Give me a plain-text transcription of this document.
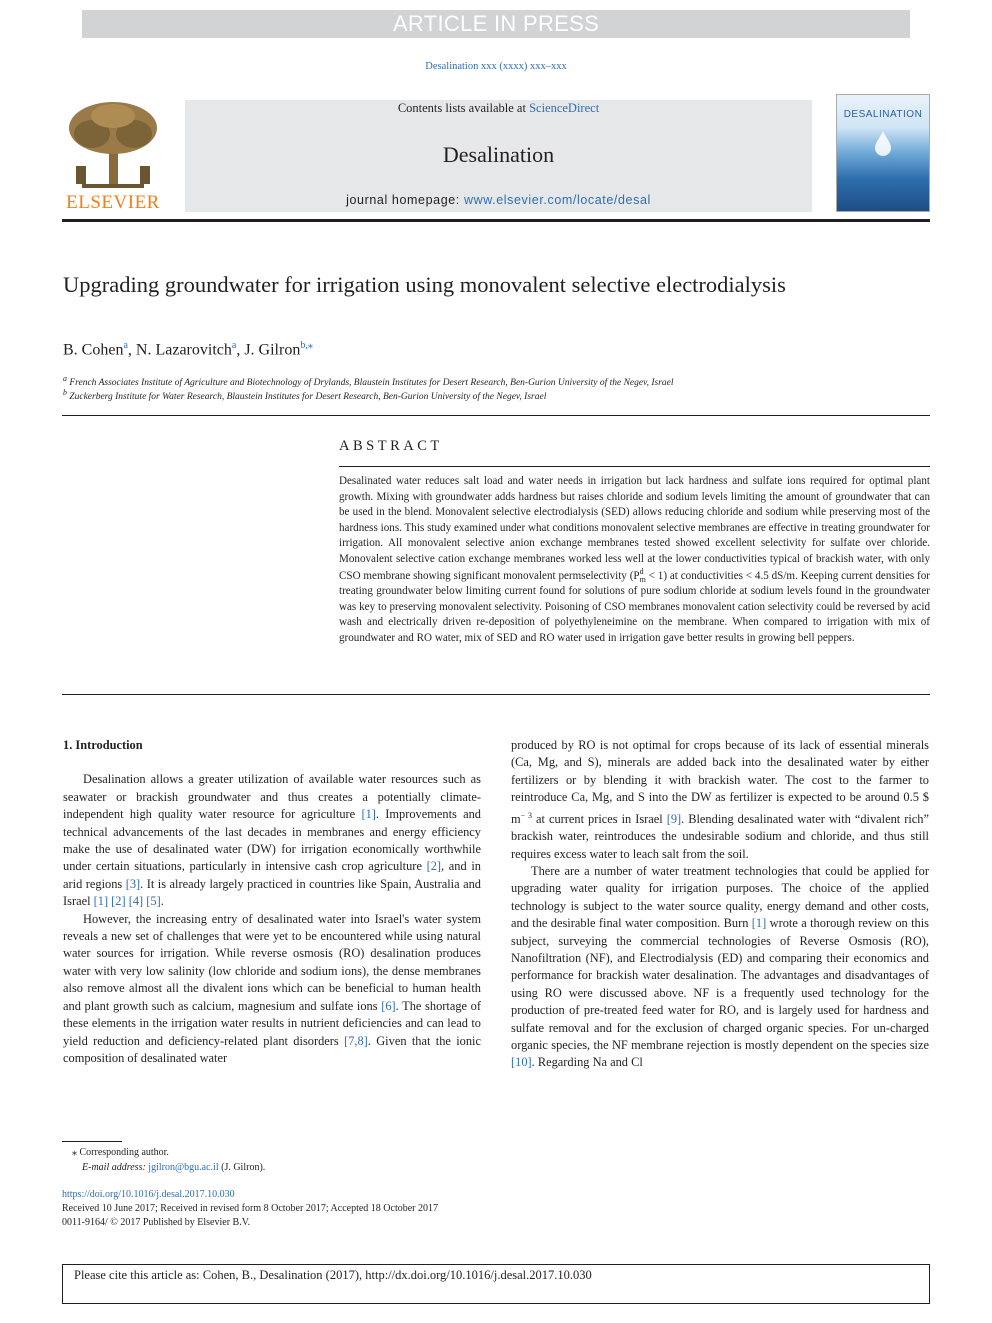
ARTICLE IN PRESS
Desalination xxx (xxxx) xxx–xxx
ELSEVIER
Contents lists available at ScienceDirect
Desalination
journal homepage: www.elsevier.com/locate/desal
DESALINATION
Upgrading groundwater for irrigation using monovalent selective electrodialysis
B. Cohen$^a$, N. Lazarovitch$^a$, J. Gilron$^{b,⁎}$
$^a$ French Associates Institute of Agriculture and Biotechnology of Drylands, Blaustein Institutes for Desert Research, Ben-Gurion University of the Negev, Israel
$^b$ Zuckerberg Institute for Water Research, Blaustein Institutes for Desert Research, Ben-Gurion University of the Negev, Israel
ABSTRACT
Desalinated water reduces salt load and water needs in irrigation but lack hardness and sulfate ions required for optimal plant growth. Mixing with groundwater adds hardness but raises chloride and sodium levels limiting the amount of groundwater that can be used in the blend. Monovalent selective electrodialysis (SED) allows reducing chloride and sodium while preserving most of the hardness ions. This study examined under what conditions monovalent selective membranes are effective in treating groundwater for irrigation. All monovalent selective anion exchange membranes tested showed excellent selectivity for sulfate over chloride. Monovalent selective cation exchange membranes worked less well at the lower conductivities typical of brackish water, with only CSO membrane showing significant monovalent permselectivity (P d
m < 1) at conductivities < 4.5 dS/m. Keeping current densities for treating groundwater below limiting current found for solutions of pure sodium chloride at sodium levels found in the groundwater was key to preserving monovalent selectivity. Poisoning of CSO membranes monovalent cation selectivity could be reversed by acid wash and electrically driven re-deposition of polyethyleneimine on the membrane. When compared to irrigation with mix of groundwater and RO water, mix of SED and RO water used in irrigation gave better results in growing bell peppers.

1. Introduction

Desalination allows a greater utilization of available water resources such as seawater or brackish groundwater and thus creates a potentially climate-independent high quality water resource for agriculture [1]. Improvements and technical advancements of the last decades in membranes and energy efficiency make the use of desalinated water (DW) for irrigation economically worthwhile under certain situations, particularly in intensive cash crop agriculture [2], and in arid regions [3]. It is already largely practiced in countries like Spain, Australia and Israel [1] [2] [4] [5].

However, the increasing entry of desalinated water into Israel's water system reveals a new set of challenges that were yet to be encountered while using natural water sources for irrigation. While reverse osmosis (RO) desalination produces water with very low salinity (low chloride and sodium ions), the dense membranes also remove almost all the divalent ions which can be beneficial to human health and plant growth such as calcium, magnesium and sulfate ions [6]. The shortage of these elements in the irrigation water results in nutrient deficiencies and can lead to yield reduction and deficiency-related plant disorders [7,8]. Given that the ionic composition of desalinated water

produced by RO is not optimal for crops because of its lack of essential minerals (Ca, Mg, and S), minerals are added back into the desalinated water by either fertilizers or by blending it with brackish water. The cost to the farmer to reintroduce Ca, Mg, and S into the DW as fertilizer is expected to be around 0.5 $ $m^{- 3}$ at current prices in Israel [9]. Blending desalinated water with “divalent rich” brackish water, reintroduces the undesirable sodium and chloride, and thus still requires excess water to leach salt from the soil.

There are a number of water treatment technologies that could be applied for upgrading water quality for irrigation purposes. The choice of the applied technology is subject to the water source quality, energy demand and other costs, and the desirable final water composition. Burn [1] wrote a thorough review on this subject, surveying the commercial technologies of Reverse Osmosis (RO), Nanofiltration (NF), and Electrodialysis (ED) and comparing their economics and performance for brackish water desalination. The advantages and disadvantages of using RO were discussed above. NF is a frequently used technology for the production of pre-treated feed water for RO, and is largely used for hardness and sulfate removal and for the exclusion of charged organic species. For un-charged organic species, the NF membrane rejection is mostly dependent on the species size [10]. Regarding Na and Cl

⁎ Corresponding author.
E-mail address: jgilron@bgu.ac.il (J. Gilron).
https://doi.org/10.1016/j.desal.2017.10.030
Received 10 June 2017; Received in revised form 8 October 2017; Accepted 18 October 2017
0011-9164/ © 2017 Published by Elsevier B.V.
Please cite this article as: Cohen, B., Desalination (2017), http://dx.doi.org/10.1016/j.desal.2017.10.030
